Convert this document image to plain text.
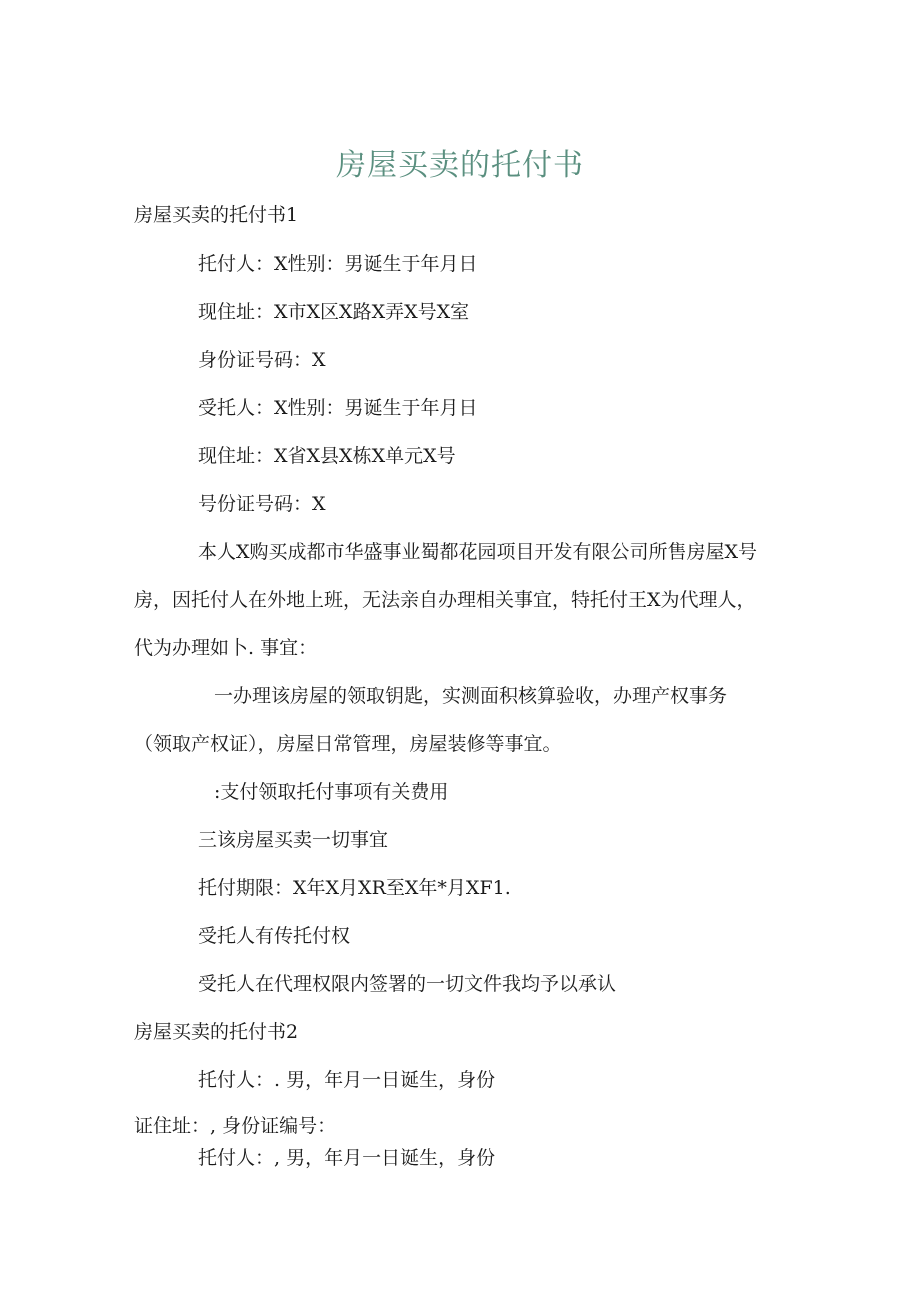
房屋买卖的托付书
房屋买卖的托付书1
托付人：X性别：男诞生于年月日
现住址：X市X区X路X弄X号X室
身份证号码：X
受托人：X性别：男诞生于年月日
现住址：X省X县X栋X单元X号
号份证号码：X
本人X购买成都市华盛事业蜀都花园项目开发有限公司所售房屋X号
房，因托付人在外地上班，无法亲自办理相关事宜，特托付王X为代理人，
代为办理如卜. 事宜：
一办理该房屋的领取钥匙，实测面积核算验收，办理产权事务
（领取产权证），房屋日常管理，房屋装修等事宜。
:支付领取托付事项有关费用
三该房屋买卖一切事宜
托付期限：X年X月XR至X年*月XF1.
受托人有传托付权
受托人在代理权限内签署的一切文件我均予以承认
房屋买卖的托付书2
托付人：. 男，年月一日诞生，身份
证住址：, 身份证编号：
托付人：, 男，年月一日诞生，身份
